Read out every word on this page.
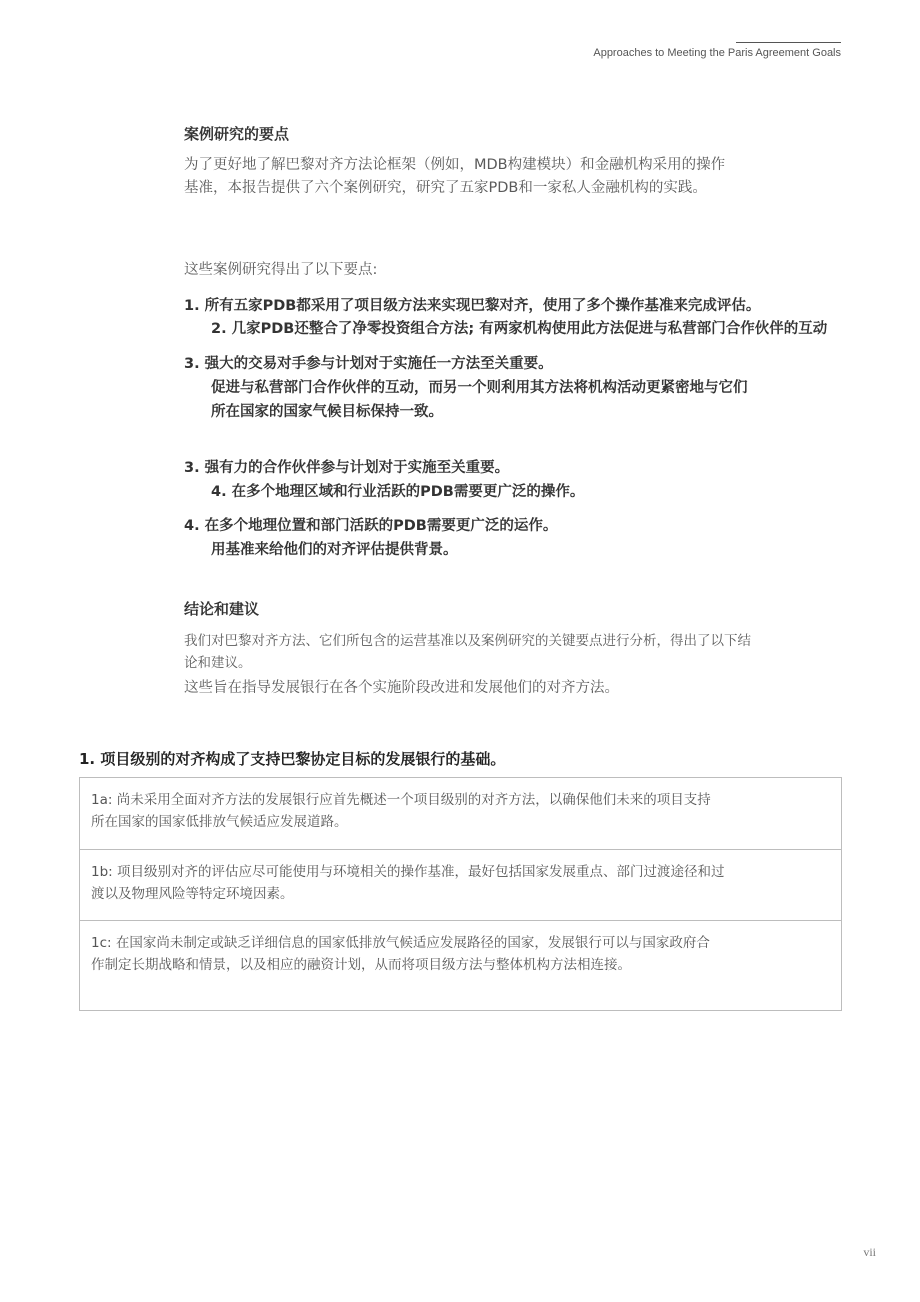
Approaches to Meeting the Paris Agreement Goals
案例研究的要点
为了更好地了解巴黎对齐方法论框架（例如，MDB构建模块）和金融机构采用的操作
基准，本报告提供了六个案例研究，研究了五家PDB和一家私人金融机构的实践。
这些案例研究得出了以下要点:
1. 所有五家PDB都采用了项目级方法来实现巴黎对齐，使用了多个操作基准来完成评估。
2. 几家PDB还整合了净零投资组合方法; 有两家机构使用此方法促进与私营部门合作伙伴的互动
3. 强大的交易对手参与计划对于实施任一方法至关重要。
促进与私营部门合作伙伴的互动，而另一个则利用其方法将机构活动更紧密地与它们
所在国家的国家气候目标保持一致。
3. 强有力的合作伙伴参与计划对于实施至关重要。
4. 在多个地理区域和行业活跃的PDB需要更广泛的操作。
4. 在多个地理位置和部门活跃的PDB需要更广泛的运作。
用基准来给他们的对齐评估提供背景。
结论和建议
我们对巴黎对齐方法、它们所包含的运营基准以及案例研究的关键要点进行分析，得出了以下结
论和建议。
这些旨在指导发展银行在各个实施阶段改进和发展他们的对齐方法。
1. 项目级别的对齐构成了支持巴黎协定目标的发展银行的基础。
1a: 尚未采用全面对齐方法的发展银行应首先概述一个项目级别的对齐方法，以确保他们未来的项目支持
所在国家的国家低排放气候适应发展道路。
1b: 项目级别对齐的评估应尽可能使用与环境相关的操作基准，最好包括国家发展重点、部门过渡途径和过
渡以及物理风险等特定环境因素。
1c: 在国家尚未制定或缺乏详细信息的国家低排放气候适应发展路径的国家，发展银行可以与国家政府合
作制定长期战略和情景，以及相应的融资计划，从而将项目级方法与整体机构方法相连接。
vii
